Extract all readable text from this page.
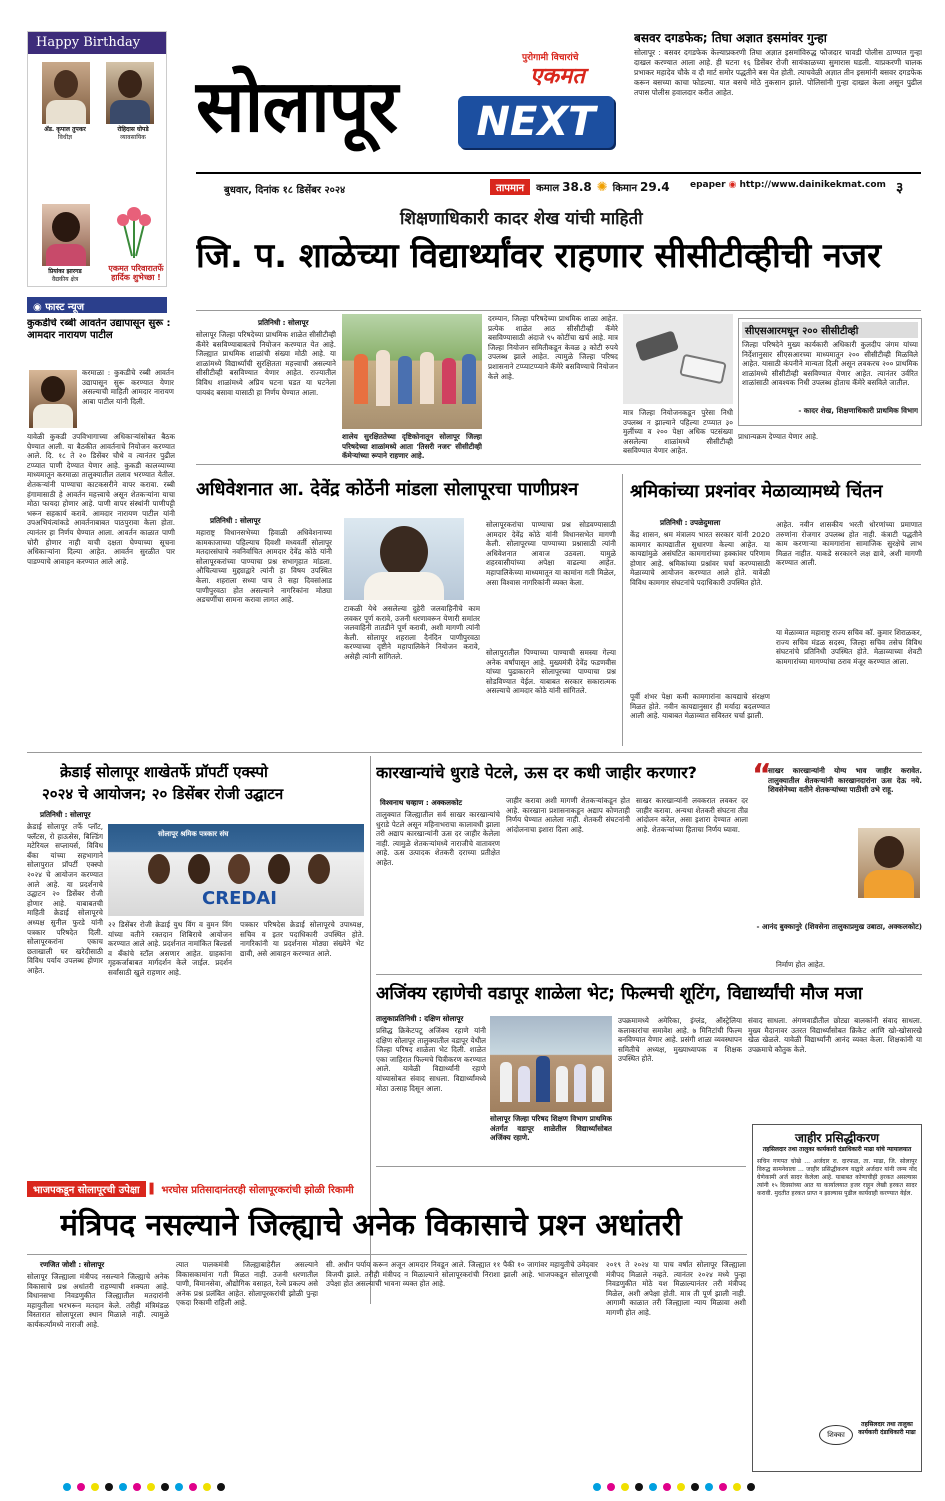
Happy Birthday
ॲड. कृपाल तुपकर
विधीज्ञ
रोहिदास घोपडे
व्यावसायिक
प्रियांका झारगड
वैद्यकीय क्षेत्र
एकमत परिवारातर्फे हार्दिक शुभेच्छा !
◉ फास्ट न्यूज
कुकडीचे रब्बी आवर्तन उद्यापासून सुरू : आमदार नारायण पाटील
करमाळा : कुकडीचे रब्बी आवर्तन उद्यापासून सुरू करण्यात येणार असल्याची माहिती आमदार नारायण आबा पाटील यांनी दिली.
यावेळी कुकडी उपविभागाच्या अधिकाऱ्यांसोबत बैठक घेण्यात आली. या बैठकीत आवर्तनाचे नियोजन करण्यात आले. दि. १८ ते २० डिसेंबर चौथे व त्यानंतर पुढील टप्प्यात पाणी देण्यात येणार आहे. कुकडी कालव्याच्या माध्यमातून करमाळा तालुक्यातील तलाव भरण्यात येतील. शेतकऱ्यांनी पाण्याचा काटकसरीने वापर करावा. रब्बी हंगामासाठी हे आवर्तन महत्त्वाचे असून शेतकऱ्यांना याचा मोठा फायदा होणार आहे. पाणी वापर संस्थांनी पाणीपट्टी भरून सहकार्य करावे. आमदार नारायण पाटील यांनी उपअभियंत्यांकडे आवर्तनाबाबत पाठपुरावा केला होता. त्यानंतर हा निर्णय घेण्यात आला. आवर्तन काळात पाणी चोरी होणार नाही याची दक्षता घेण्याच्या सूचना अधिकाऱ्यांना दिल्या आहेत. आवर्तन सुरळीत पार पाडण्याचे आवाहन करण्यात आले आहे.
सोलापूर
पुरोगामी विचारांचे
एकमत
NEXT
बुधवार, दिनांक १८ डिसेंबर २०२४	तापमान	कमाल 38.8 ✺ किमान 29.4 epaper ◉ http://www.dainikekmat.com ३
बसवर दगडफेक; तिघा अज्ञात इसमांवर गुन्हा
सोलापूर : बसवर दगडफेक केल्याप्रकरणी तिघा अज्ञात इसमांविरुद्ध फौजदार चावडी पोलीस ठाण्यात गुन्हा दाखल करण्यात आला आहे. ही घटना १६ डिसेंबर रोजी सायंकाळच्या सुमारास घडली. याप्रकरणी चालक प्रभाकर महादेव चौके व दौ मार्ट समोर पद्धतीने बस येत होती. त्याचवेळी अज्ञात तीन इसमांनी बसवर दगडफेक करून बसच्या काचा फोडल्या. यात बसचे मोठे नुकसान झाले. पोलिसांनी गुन्हा दाखल केला असून पुढील तपास पोलीस हवालदार करीत आहेत.
शिक्षणाधिकारी कादर शेख यांची माहिती
जि. प. शाळेच्या विद्यार्थ्यांवर राहणार सीसीटीव्हीची नजर
प्रतिनिधी : सोलापूर
सोलापूर जिल्हा परिषदेच्या प्राथमिक शाळेत सीसीटीव्ही कॅमेरे बसविण्याबाबतचे नियोजन करण्यात येत आहे. जिल्ह्यात प्राथमिक शाळांची संख्या मोठी आहे. या शाळांमध्ये विद्यार्थ्यांची सुरक्षितता महत्त्वाची असल्याने सीसीटीव्ही बसविण्यात येणार आहेत. राज्यातील विविध शाळांमध्ये अप्रिय घटना घडत या घटनेला पायबंद बसावा यासाठी हा निर्णय घेण्यात आला.
शालेय सुरक्षिततेच्या दृष्टिकोनातून सोलापूर जिल्हा परिषदेच्या शाळांमध्ये आता 'तिसरी नजर' सीसीटीव्ही कॅमेऱ्यांच्या रूपाने राहणार आहे.
दरम्यान, जिल्हा परिषदेच्या प्राथमिक शाळा आहेत. प्रत्येक शाळेत आठ सीसीटीव्ही कॅमेरे बसविण्यासाठी अंदाजे ९५ कोटींचा खर्च आहे. मात्र जिल्हा नियोजन समितीकडून केवळ ३ कोटी रुपये उपलब्ध झाले आहेत. त्यामुळे जिल्हा परिषद प्रशासनाने टप्प्याटप्प्याने कॅमेरे बसविण्याचे नियोजन केले आहे.
मात्र जिल्हा नियोजनकडून पुरेसा निधी उपलब्ध न झाल्याने पहिल्या टप्प्यात ३० मुलींच्या व २०० पेक्षा अधिक पटसंख्या असलेल्या शाळांमध्ये सीसीटीव्ही बसविण्यात येणार आहेत.
सीएसआरमधून २०० सीसीटीव्ही
जिल्हा परिषदेने मुख्य कार्यकारी अधिकारी कुलदीप जंगम यांच्या निर्देशानुसार सीएसआरच्या माध्यमातून २०० सीसीटीव्ही मिळविले आहेत. यासाठी कंपनीने मान्यता दिली असून लवकरच २०० प्राथमिक शाळांमध्ये सीसीटीव्ही बसविण्यात येणार आहेत. त्यानंतर उर्वरित शाळांसाठी आवश्यक निधी उपलब्ध होताच कॅमेरे बसविले जातील.
- कादर शेख, शिक्षणाधिकारी प्राथमिक विभाग
प्राधान्यक्रम देण्यात येणार आहे.
अधिवेशनात आ. देवेंद्र कोठेंनी मांडला सोलापूरचा पाणीप्रश्‍न
प्रतिनिधी : सोलापूर
महाराष्ट्र विधानसभेच्या हिवाळी अधिवेशनाच्या कामकाजाच्या पहिल्याच दिवशी मध्यवर्ती सोलापूर मतदारसंघाचे नवनिर्वाचित आमदार देवेंद्र कोठे यांनी सोलापूरकरांच्या पाण्याचा प्रश्न सभागृहात मांडला. औचित्याच्या मुद्द्याद्वारे त्यांनी हा विषय उपस्थित केला. शहराला सध्या पाच ते सहा दिवसांआड पाणीपुरवठा होत असल्याने नागरिकांना मोठ्या अडचणींचा सामना करावा लागत आहे.
टाकळी येथे असलेल्या दुहेरी जलवाहिनीचे काम लवकर पूर्ण करावे, उजनी धरणावरून येणारी समांतर जलवाहिनी तातडीने पूर्ण करावी, अशी मागणी त्यांनी केली. सोलापूर शहराला दैनंदिन पाणीपुरवठा करण्याच्या दृष्टीने महापालिकेने नियोजन करावे, असेही त्यांनी सांगितले.
सोलापूरकरांचा पाण्याचा प्रश्न सोडवण्यासाठी आमदार देवेंद्र कोठे यांनी विधानसभेत मागणी केली. सोलापूरच्या पाण्याच्या प्रश्नासाठी त्यांनी अधिवेशनात आवाज उठवला. यामुळे शहरवासीयांच्या अपेक्षा वाढल्या आहेत. महापालिकेच्या माध्यमातून या कामांना गती मिळेल, असा विश्वास नागरिकांनी व्यक्त केला.
सोलापुरातील पिण्याच्या पाण्याची समस्या गेल्या अनेक वर्षांपासून आहे. मुख्यमंत्री देवेंद्र फडणवीस यांच्या पुढाकाराने सोलापूरच्या पाण्याचा प्रश्न सोडविण्यात येईल. याबाबत सरकार सकारात्मक असल्याचे आमदार कोठे यांनी सांगितले.
श्रमिकांच्या प्रश्‍नांवर मेळाव्यामध्ये चिंतन
प्रतिनिधी : उपळेदुमाला
केंद्र शासन, श्रम मंत्रालय भारत सरकार यांनी 2020 कामगार कायद्यातील सुधारणा केल्या आहेत. या कायद्यांमुळे असंघटित कामगारांच्या हक्कांवर परिणाम होणार आहे. श्रमिकांच्या प्रश्नांवर चर्चा करण्यासाठी मेळाव्याचे आयोजन करण्यात आले होते. यावेळी विविध कामगार संघटनांचे पदाधिकारी उपस्थित होते.
पूर्वी शंभर पेक्षा कमी कामगारांना कायद्याचे संरक्षण मिळत होते. नवीन कायद्यानुसार ही मर्यादा बदलण्यात आली आहे. याबाबत मेळाव्यात सविस्तर चर्चा झाली.
आहेत. नवीन शासकीय भरती धोरणांच्या प्रमाणात तरुणांना रोजगार उपलब्ध होत नाही. कंत्राटी पद्धतीने काम करणाऱ्या कामगारांना सामाजिक सुरक्षेचे लाभ मिळत नाहीत. याकडे सरकारने लक्ष द्यावे, अशी मागणी करण्यात आली.
या मेळाव्यात महाराष्ट्र राज्य सचिव कॉ. कुमार शिराळकर, राज्य सचिव मंडळ सदस्य, जिल्हा सचिव तसेच विविध संघटनांचे प्रतिनिधी उपस्थित होते. मेळाव्याच्या शेवटी कामगारांच्या मागण्यांचा ठराव मंजूर करण्यात आला.
क्रेडाई सोलापूर शाखेतर्फे प्रॉपर्टी एक्स्पो
२०२४ चे आयोजन; २० डिसेंबर रोजी उद्घाटन
प्रतिनिधी : सोलापूर
सोलापूर श्रमिक पत्रकार संघ
CREDAI
क्रेडाई सोलापूर तर्फे प्लॉट, फ्लॅटस, रो हाऊसेस, बिल्डिंग मटेरियल सप्लायर्स, विविध बँका यांच्या सहभागाने सोलापुरात प्रॉपर्टी एक्स्पो २०२४ चे आयोजन करण्यात आले आहे. या प्रदर्शनाचे उद्घाटन २० डिसेंबर रोजी होणार आहे. याबाबतची माहिती क्रेडाई सोलापूरचे अध्यक्ष सुनील फुरडे यांनी पत्रकार परिषदेत दिली. सोलापूरकरांना एकाच छताखाली घर खरेदीसाठी विविध पर्याय उपलब्ध होणार आहेत.
२२ डिसेंबर रोजी क्रेडाई युथ विंग व वुमन विंग यांच्या वतीने रक्तदान शिबिराचे आयोजन करण्यात आले आहे. प्रदर्शनात नामांकित बिल्डर्स व बँकांचे स्टॉल असणार आहेत. ग्राहकांना गृहकर्जाबाबत मार्गदर्शन केले जाईल. प्रदर्शन सर्वांसाठी खुले राहणार आहे.
पत्रकार परिषदेस क्रेडाई सोलापूरचे उपाध्यक्ष, सचिव व इतर पदाधिकारी उपस्थित होते. नागरिकांनी या प्रदर्शनास मोठ्या संख्येने भेट द्यावी, असे आवाहन करण्यात आले.
कारखान्यांचे धुराडे पेटले, ऊस दर कधी जाहीर करणार?
विश्‍वनाथ चव्हाण : अक्कलकोट
तालुक्यात जिल्ह्यातील सर्व साखर कारखान्यांचे धुराडे पेटले असून महिनाभराचा कालावधी झाला तरी अद्याप कारखान्यांनी ऊस दर जाहीर केलेला नाही. त्यामुळे शेतकऱ्यांमध्ये नाराजीचे वातावरण आहे. ऊस उत्पादक शेतकरी दराच्या प्रतीक्षेत आहेत.
जाहीर करावा अशी मागणी शेतकऱ्यांकडून होत आहे. कारखाना प्रशासनाकडून अद्याप कोणताही निर्णय घेण्यात आलेला नाही. शेतकरी संघटनांनी आंदोलनाचा इशारा दिला आहे.
साखर कारखान्यांनी लवकरात लवकर दर जाहीर करावा. अन्यथा शेतकरी संघटना तीव्र आंदोलन करेल, असा इशारा देण्यात आला आहे. शेतकऱ्यांच्या हिताचा निर्णय घ्यावा.
“
साखर कारखान्यांनी योग्य भाव जाहीर करावेत. तालुक्यातील शेतकऱ्यांनी कारखानदारांना ऊस देऊ नये. शिवसेनेच्या वतीने शेतकऱ्यांच्या पाठीशी उभे राहू.
- आनंद बुक्कानुरे (शिवसेना तालुकाप्रमुख उबाठा, अक्कलकोट)
निर्माण होत आहेत.
अजिंक्य रहाणेची वडापूर शाळेला भेट; फिल्मची शूटिंग, विद्यार्थ्यांची मौज मजा
तालुकाप्रतिनिधी : दक्षिण सोलापूर
प्रसिद्ध क्रिकेटपटू अजिंक्य रहाणे यांनी दक्षिण सोलापूर तालुक्यातील वडापूर येथील जिल्हा परिषद शाळेला भेट दिली. शाळेत एका जाहिरात फिल्मचे चित्रीकरण करण्यात आले. यावेळी विद्यार्थ्यांनी रहाणे यांच्यासोबत संवाद साधला. विद्यार्थ्यांमध्ये मोठा उत्साह दिसून आला.
सोलापूर जिल्हा परिषद शिक्षण विभाग प्राथमिक अंतर्गत वडापूर शाळेतील विद्यार्थ्यांसोबत अजिंक्य रहाणे.
उपक्रमामध्ये अमेरिका, इंग्लंड, ऑस्ट्रेलिया कलाकारांचा समावेश आहे. ७ मिनिटांची फिल्म बनविण्यात येणार आहे. प्रसंगी शाळा व्यवस्थापन समितीचे अध्यक्ष, मुख्याध्यापक व शिक्षक उपस्थित होते.
संवाद साधला. अंगणवाडीतील छोट्या बालकांनी संवाद साधला. मुख्य मैदानावर उतरत विद्यार्थ्यांसोबत क्रिकेट आणि खो-खोसारखे खेळ खेळले. यावेळी विद्यार्थ्यांनी आनंद व्यक्त केला. शिक्षकांनी या उपक्रमाचे कौतुक केले.
जाहीर प्रसिद्धीकरण
तहसिलदार तथा तालुका कार्यकारी दंडाधिकारी माढा यांचे न्यायालयात
सचिन गणपत चोखे ... अर्जदार रा. दारफळ, ता. माढा, जि. सोलापूर विरुद्ध सामनेवाला ... जाहीर प्रसिद्धीकरण याद्वारे अर्जदार यांनी जन्म नोंद घेणेकामी अर्ज सादर केलेला आहे. याबाबत कोणाचीही हरकत असल्यास त्यांनी १५ दिवसांच्या आत या कार्यालयात हजर राहून लेखी हरकत सादर करावी. मुदतीत हरकत प्राप्त न झाल्यास पुढील कार्यवाही करण्यात येईल.
शिक्का
तहसिलदार तथा तालुका कार्यकारी दंडाधिकारी माढा
भाजपकडून सोलापूरची उपेक्षा	▌ भरघोस प्रतिसादानंतरही सोलापूरकरांची झोळी रिकामी
मंत्रिपद नसल्याने जिल्ह्याचे अनेक विकासाचे प्रश्‍न अधांतरी
रणजित जोशी : सोलापूर
सोलापूर जिल्ह्याला मंत्रीपद नसल्याने जिल्ह्याचे अनेक विकासाचे प्रश्न अधांतरी राहण्याची शक्यता आहे. विधानसभा निवडणुकीत जिल्ह्यातील मतदारांनी महायुतीला भरभरून मतदान केले. तरीही मंत्रिमंडळ विस्तारात सोलापूरला स्थान मिळाले नाही. त्यामुळे कार्यकर्त्यांमध्ये नाराजी आहे.
त्यात पालकमंत्री जिल्ह्याबाहेरील असल्याने विकासकामांना गती मिळत नाही. उजनी धरणातील पाणी, विमानसेवा, औद्योगिक वसाहत, रेल्वे प्रकल्प असे अनेक प्रश्न प्रलंबित आहेत. सोलापूरकरांची झोळी पुन्हा एकदा रिकामी राहिली आहे.
सी. अधीन पर्याय करून अजून आमदार निवडून आले. जिल्ह्यात ११ पैकी १० जागांवर महायुतीचे उमेदवार विजयी झाले. तरीही मंत्रीपद न मिळाल्याने सोलापूरकरांची निराशा झाली आहे. भाजपकडून सोलापूरची उपेक्षा होत असल्याची भावना व्यक्त होत आहे.
२०१९ ते २०२४ या पाच वर्षांत सोलापूर जिल्ह्याला मंत्रीपद मिळाले नव्हते. त्यानंतर २०२४ मध्ये पुन्हा निवडणुकीत मोठे यश मिळाल्यानंतर तरी मंत्रीपद मिळेल, अशी अपेक्षा होती. मात्र ती पूर्ण झाली नाही. आगामी काळात तरी जिल्ह्याला न्याय मिळावा अशी मागणी होत आहे.
